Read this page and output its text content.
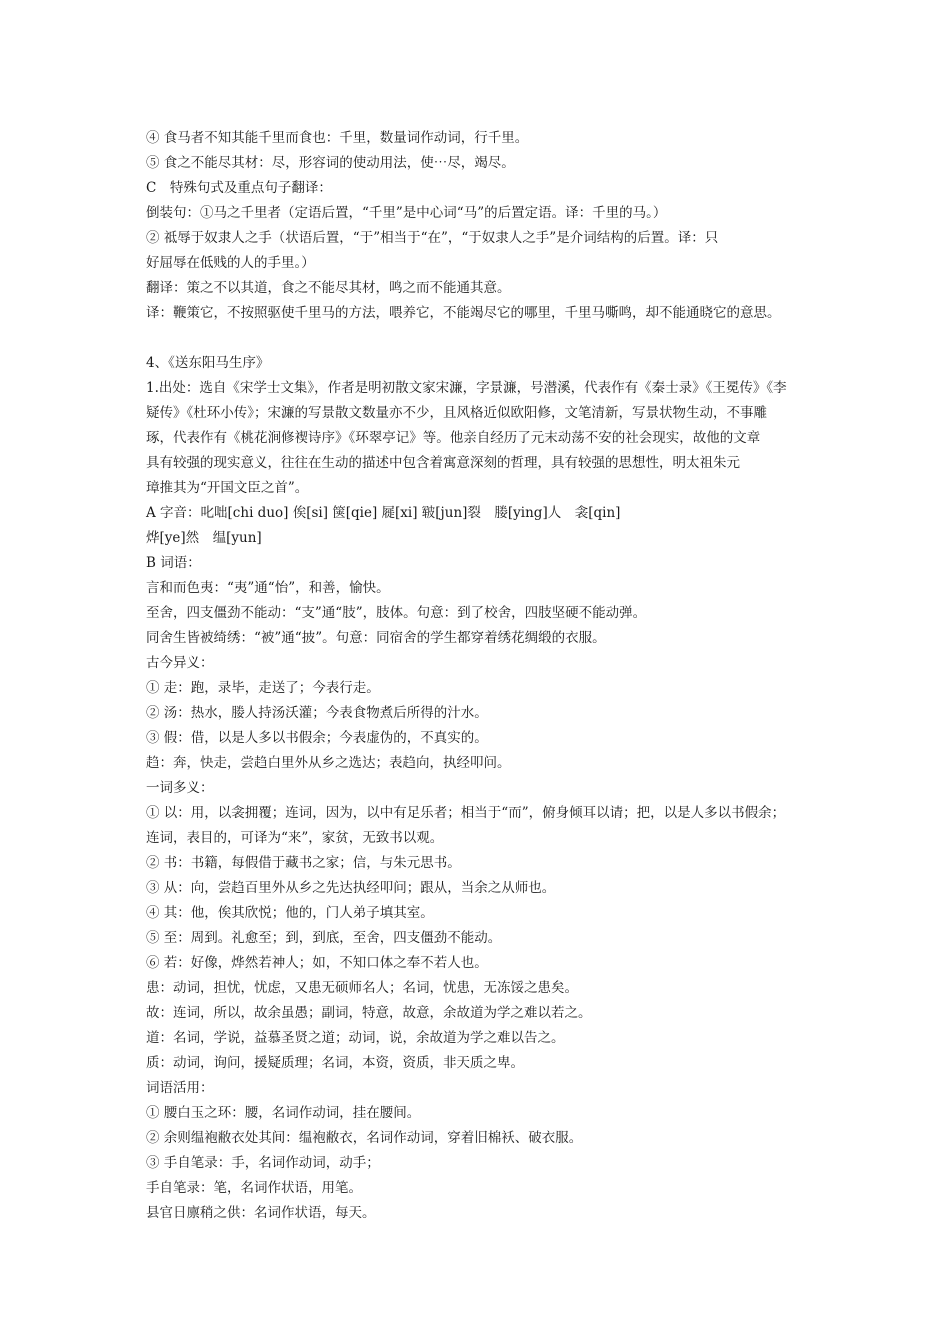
④ 食马者不知其能千里而食也：千里，数量词作动词，行千里。
⑤ 食之不能尽其材：尽，形容词的使动用法，使⋯尽，竭尽。
C　特殊句式及重点句子翻译：
倒装句：①马之千里者（定语后置，“千里”是中心词“马”的后置定语。译：千里的马。）
② 祗辱于奴隶人之手（状语后置，“于”相当于“在”，“于奴隶人之手”是介词结构的后置。译：只
好屈辱在低贱的人的手里。）
翻译：策之不以其道，食之不能尽其材，鸣之而不能通其意。
译：鞭策它，不按照驱使千里马的方法，喂养它，不能竭尽它的哪里，千里马嘶鸣，却不能通晓它的意思。
4、《送东阳马生序》
1.出处：选自《宋学士文集》，作者是明初散文家宋濂，字景濂，号潜溪，代表作有《秦士录》《王冕传》《李
疑传》《杜环小传》；宋濂的写景散文数量亦不少，且风格近似欧阳修，文笔清新，写景状物生动，不事雕
琢，代表作有《桃花涧修褉诗序》《环翠亭记》等。他亲自经历了元末动荡不安的社会现实，故他的文章
具有较强的现实意义，往往在生动的描述中包含着寓意深刻的哲理，具有较强的思想性，明太祖朱元
璋推其为“开国文臣之首”。
A 字音：叱咄[chi duo] 俟[si] 箧[qie] 屣[xi] 皲[jun]裂　媵[ying]人　衾[qin]
烨[ye]然　缊[yun]
B 词语：
言和而色夷：“夷”通“怡”，和善，愉快。
至舍，四支僵劲不能动：“支”通“肢”，肢体。句意：到了校舍，四肢坚硬不能动弹。
同舍生皆被绮绣：“被”通“披”。句意：同宿舍的学生都穿着绣花绸缎的衣服。
古今异义：
① 走：跑，录毕，走送了；今表行走。
② 汤：热水，媵人持汤沃灌；今表食物煮后所得的汁水。
③ 假：借，以是人多以书假余；今表虚伪的，不真实的。
趋：奔，快走，尝趋白里外从乡之选达；表趋向，执经叩问。
一词多义：
① 以：用，以衾拥覆；连词，因为，以中有足乐者；相当于“而”，俯身倾耳以请；把，以是人多以书假余；
连词，表目的，可译为“来”，家贫，无致书以观。
② 书：书籍，每假借于藏书之家；信，与朱元思书。
③ 从：向，尝趋百里外从乡之先达执经叩问；跟从，当余之从师也。
④ 其：他，俟其欣悦；他的，门人弟子填其室。
⑤ 至：周到。礼愈至；到，到底，至舍，四支僵劲不能动。
⑥ 若：好像，烨然若神人；如，不知口体之奉不若人也。
患：动词，担忧，忧虑，又患无硕师名人；名词，忧患，无冻馁之患矣。
故：连词，所以，故余虽愚；副词，特意，故意，余故道为学之难以若之。
道：名词，学说，益慕圣贤之道；动词，说，余故道为学之难以告之。
质：动词，询问，援疑质理；名词，本资，资质，非天质之卑。
词语活用：
① 腰白玉之环：腰，名词作动词，挂在腰间。
② 余则缊袍敝衣处其间：缊袍敝衣，名词作动词，穿着旧棉袄、破衣服。
③ 手自笔录：手，名词作动词，动手；
手自笔录：笔，名词作状语，用笔。
县官日廪稍之供：名词作状语，每天。
